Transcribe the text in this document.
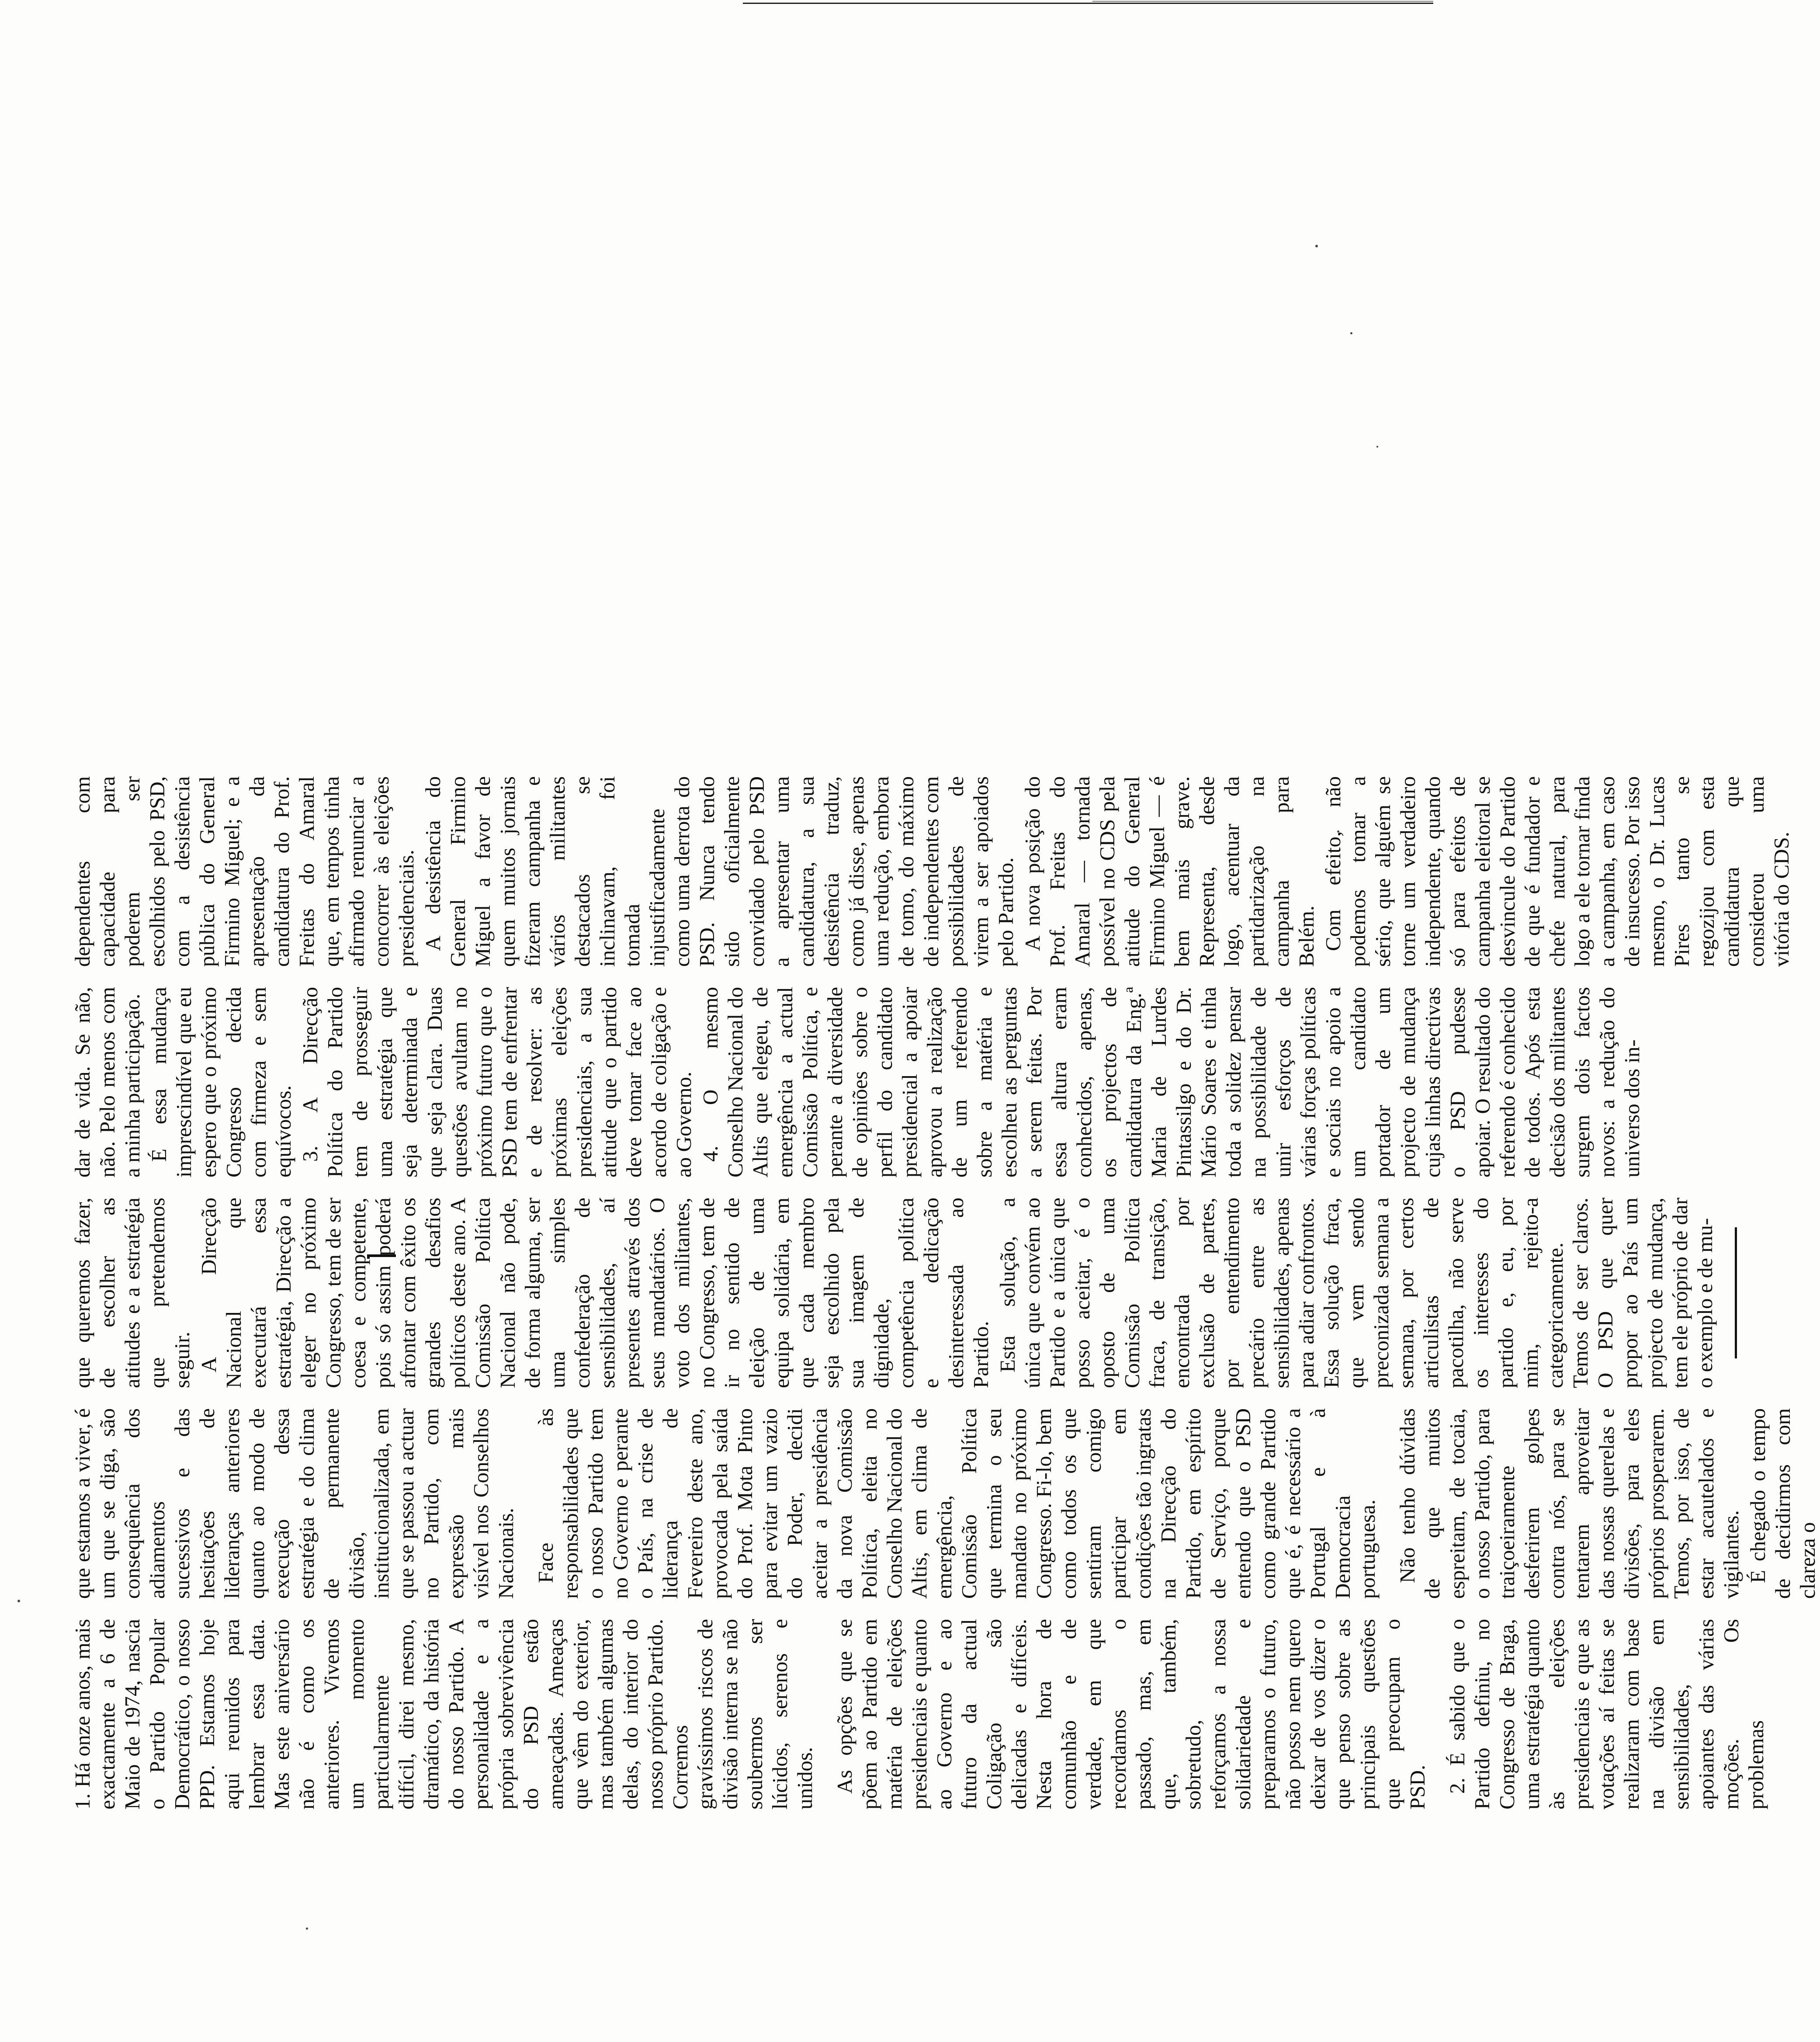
1. Há onze anos, mais exactamente a 6 de Maio de 1974, nascia o Partido Popular Democrático, o nosso PPD. Estamos hoje aqui reunidos para lembrar essa data. Mas este aniversário não é como os anteriores. Vivemos um momento particularmente difícil, direi mesmo, dramático, da história do nosso Partido. A personalidade e a própria sobrevivência do PSD estão ameaçadas. Ameaças que vêm do exterior, mas também algumas delas, do interior do nosso próprio Partido. Corremos gravíssimos riscos de divisão interna se não soubermos ser lúcidos, serenos e unidos. As opções que se põem ao Partido em matéria de eleições presidenciais e quanto ao Governo e ao futuro da actual Coligação são delicadas e difíceis. Nesta hora de comunhão e de verdade, em que recordamos o passado, mas, em que, também, sobretudo, reforçamos a nossa solidariedade e preparamos o futuro, não posso nem quero deixar de vos dizer o que penso sobre as principais questões que preocupam o PSD. 2. É sabido que o Partido definiu, no Congresso de Braga, uma estratégia quanto às eleições presidenciais e que as votações aí feitas se realizaram com base na divisão em sensibilidades, apoiantes das várias moções. Os problemas

que estamos a viver, é um que se diga, são consequência dos adiamentos sucessivos e das hesitações de lideranças anteriores quanto ao modo de execução dessa estratégia e do clima de permanente divisão, institucionalizada, em que se passou a actuar no Partido, com expressão mais visível nos Conselhos Nacionais. Face às responsabilidades que o nosso Partido tem no Governo e perante o País, na crise de liderança de Fevereiro deste ano, provocada pela saída do Prof. Mota Pinto para evitar um vazio do Poder, decidi aceitar a presidência da nova Comissão Política, eleita no Conselho Nacional do Altis, em clima de emergência, Comissão Política que termina o seu mandato no próximo Congresso. Fi-lo, bem como todos os que sentiram comigo participar em condições tão ingratas na Direcção do Partido, em espírito de Serviço, porque entendo que o PSD como grande Partido que é, é necessário a Portugal e à Democracia portuguesa. Não tenho dúvidas de que muitos espreitam, de tocaia, o nosso Partido, para traiçoeiramente desferirem golpes contra nós, para se tentarem aproveitar das nossas querelas e divisões, para eles próprios prosperarem. Temos, por isso, de estar acautelados e vigilantes. É chegado o tempo de decidirmos com clareza o

que queremos fazer, de escolher as atitudes e a estratégia que pretendemos seguir. A Direcção Nacional que executará essa estratégia, Direcção a eleger no próximo Congresso, tem de ser coesa e competente, pois só assim poderá afrontar com êxito os grandes desafios políticos deste ano. A Comissão Política Nacional não pode, de forma alguma, ser uma simples confederação de sensibilidades, aí presentes através dos seus mandatários. O voto dos militantes, no Congresso, tem de ir no sentido de eleição de uma equipa solidária, em que cada membro seja escolhido pela sua imagem de dignidade, competência política e dedicação desinteressada ao Partido. Esta solução, a única que convém ao Partido e a única que posso aceitar, é o oposto de uma Comissão Política fraca, de transição, encontrada por exclusão de partes, por entendimento precário entre as sensibilidades, apenas para adiar confrontos. Essa solução fraca, que vem sendo preconizada semana a semana, por certos articulistas de pacotilha, não serve os interesses do partido e, eu, por mim, rejeito-a categoricamente. Temos de ser claros. O PSD que quer propor ao País um projecto de mudança, tem ele próprio de dar o exemplo e de mu-

dar de vida. Se não, não. Pelo menos com a minha participação. É essa mudança imprescindível que eu espero que o próximo Congresso decida com firmeza e sem equívocos. 3. A Direcção Política do Partido tem de prosseguir uma estratégia que seja determinada e que seja clara. Duas questões avultam no próximo futuro que o PSD tem de enfrentar e de resolver: as próximas eleições presidenciais, a sua atitude que o partido deve tomar face ao acordo de coligação e ao Governo. 4. O mesmo Conselho Nacional do Altis que elegeu, de emergência a actual Comissão Política, e perante a diversidade de opiniões sobre o perfil do candidato presidencial a apoiar aprovou a realização de um referendo sobre a matéria e escolheu as perguntas a serem feitas. Por essa altura eram conhecidos, apenas, os projectos de candidatura da Eng.ª Maria de Lurdes Pintassilgo e do Dr. Mário Soares e tinha toda a solidez pensar na possibilidade de unir esforços de várias forças políticas e sociais no apoio a um candidato portador de um projecto de mudança cujas linhas directivas o PSD pudesse apoiar. O resultado do referendo é conhecido de todos. Após esta decisão dos militantes surgem dois factos novos: a redução do universo dos in-

dependentes com capacidade para poderem ser escolhidos pelo PSD, com a desistência pública do General Firmino Miguel; e a apresentação da candidatura do Prof. Freitas do Amaral que, em tempos tinha afirmado renunciar a concorrer às eleições presidenciais. A desistência do General Firmino Miguel a favor de quem muitos jornais fizeram campanha e vários militantes destacados se inclinavam, foi tomada injustificadamente como uma derrota do PSD. Nunca tendo sido oficialmente convidado pelo PSD a apresentar uma candidatura, a sua desistência traduz, como já disse, apenas uma redução, embora de tomo, do máximo de independentes com possibilidades de virem a ser apoiados pelo Partido. A nova posição do Prof. Freitas do Amaral — tornada possível no CDS pela atitude do General Firmino Miguel — é bem mais grave. Representa, desde logo, acentuar da partidarização na campanha para Belém. Com efeito, não podemos tomar a sério, que alguém se torne um verdadeiro independente, quando só para efeitos de campanha eleitoral se desvincule do Partido de que é fundador e chefe natural, para logo a ele tornar finda a campanha, em caso de insucesso. Por isso mesmo, o Dr. Lucas Pires tanto se regozijou com esta candidatura que considerou uma vitória do CDS.
